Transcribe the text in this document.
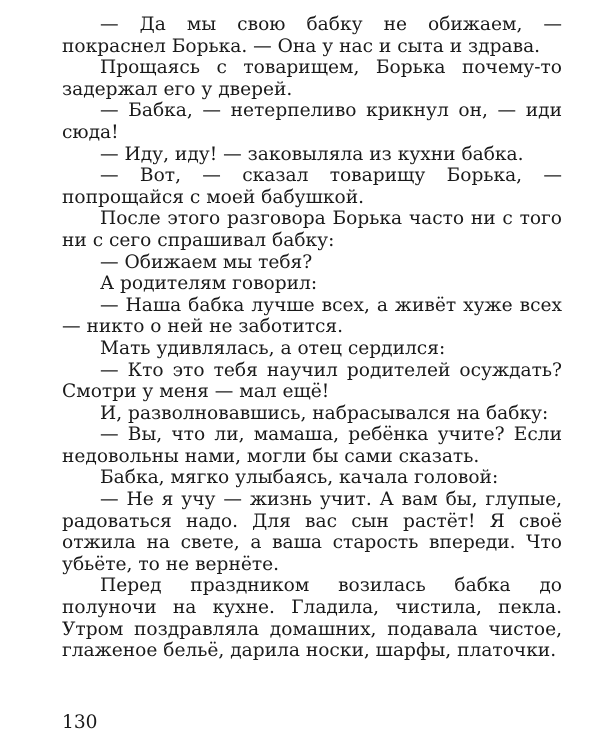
— Да мы свою бабку не обижаем, — покраснел Борька. — Она у нас и сыта и здрава.

Прощаясь с товарищем, Борька почему-то задержал его у дверей.

— Бабка, — нетерпеливо крикнул он, — иди сюда!

— Иду, иду! — заковыляла из кухни бабка.

— Вот, — сказал товарищу Борька, — попрощайся с моей бабушкой.

После этого разговора Борька часто ни с того ни с сего спрашивал бабку:

— Обижаем мы тебя?

А родителям говорил:

— Наша бабка лучше всех, а живёт хуже всех — никто о ней не заботится.

Мать удивлялась, а отец сердился:

— Кто это тебя научил родителей осуждать? Смотри у меня — мал ещё!

И, разволновавшись, набрасывался на бабку:

— Вы, что ли, мамаша, ребёнка учите? Если недовольны нами, могли бы сами сказать.

Бабка, мягко улыбаясь, качала головой:

— Не я учу — жизнь учит. А вам бы, глупые, радоваться надо. Для вас сын растёт! Я своё отжила на свете, а ваша старость впереди. Что убьёте, то не вернёте.

Перед праздником возилась бабка до полуночи на кухне. Гладила, чистила, пекла. Утром поздравляла домашних, подавала чистое, глаженое бельё, дарила носки, шарфы, платочки.

130
